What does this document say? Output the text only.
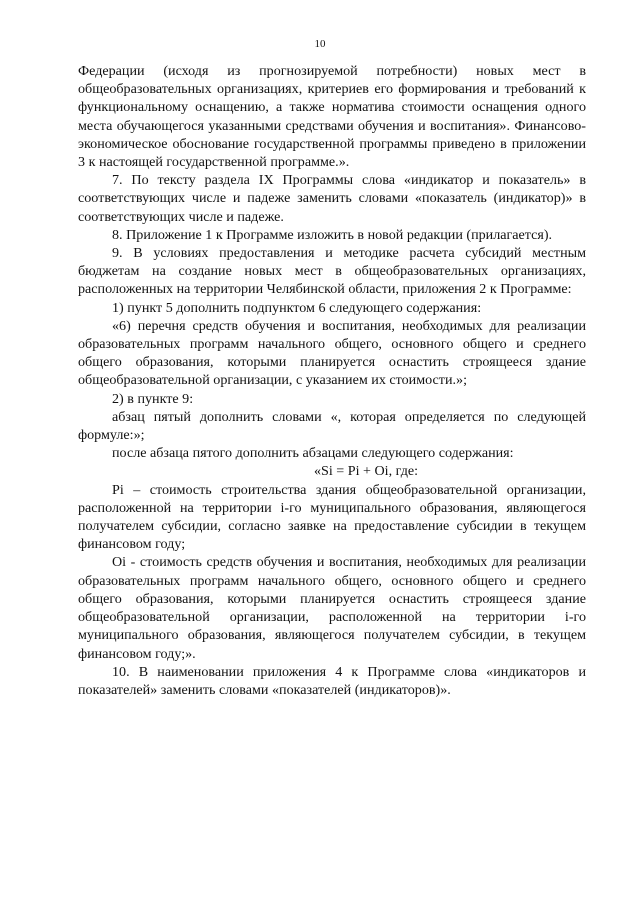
10

Федерации (исходя из прогнозируемой потребности) новых мест в общеобразовательных организациях, критериев его формирования и требований к функциональному оснащению, а также норматива стоимости оснащения одного места обучающегося указанными средствами обучения и воспитания». Финансово-экономическое обоснование государственной программы приведено в приложении 3 к настоящей государственной программе.».

7. По тексту раздела IX Программы слова «индикатор и показатель» в соответствующих числе и падеже заменить словами «показатель (индикатор)» в соответствующих числе и падеже.

8. Приложение 1 к Программе изложить в новой редакции (прилагается).

9. В условиях предоставления и методике расчета субсидий местным бюджетам на создание новых мест в общеобразовательных организациях, расположенных на территории Челябинской области, приложения 2 к Программе:

1) пункт 5 дополнить подпунктом 6 следующего содержания:

«6) перечня средств обучения и воспитания, необходимых для реализации образовательных программ начального общего, основного общего и среднего общего образования, которыми планируется оснастить строящееся здание общеобразовательной организации, с указанием их стоимости.»;

2) в пункте 9:

абзац пятый дополнить словами «, которая определяется по следующей формуле:»;

после абзаца пятого дополнить абзацами следующего содержания:

«Si = Pi + Oi, где:

Pi – стоимость строительства здания общеобразовательной организации, расположенной на территории i-го муниципального образования, являющегося получателем субсидии, согласно заявке на предоставление субсидии в текущем финансовом году;

Oi - стоимость средств обучения и воспитания, необходимых для реализации образовательных программ начального общего, основного общего и среднего общего образования, которыми планируется оснастить строящееся здание общеобразовательной организации, расположенной на территории i-го муниципального образования, являющегося получателем субсидии, в текущем финансовом году;».

10. В наименовании приложения 4 к Программе слова «индикаторов и показателей» заменить словами «показателей (индикаторов)».
